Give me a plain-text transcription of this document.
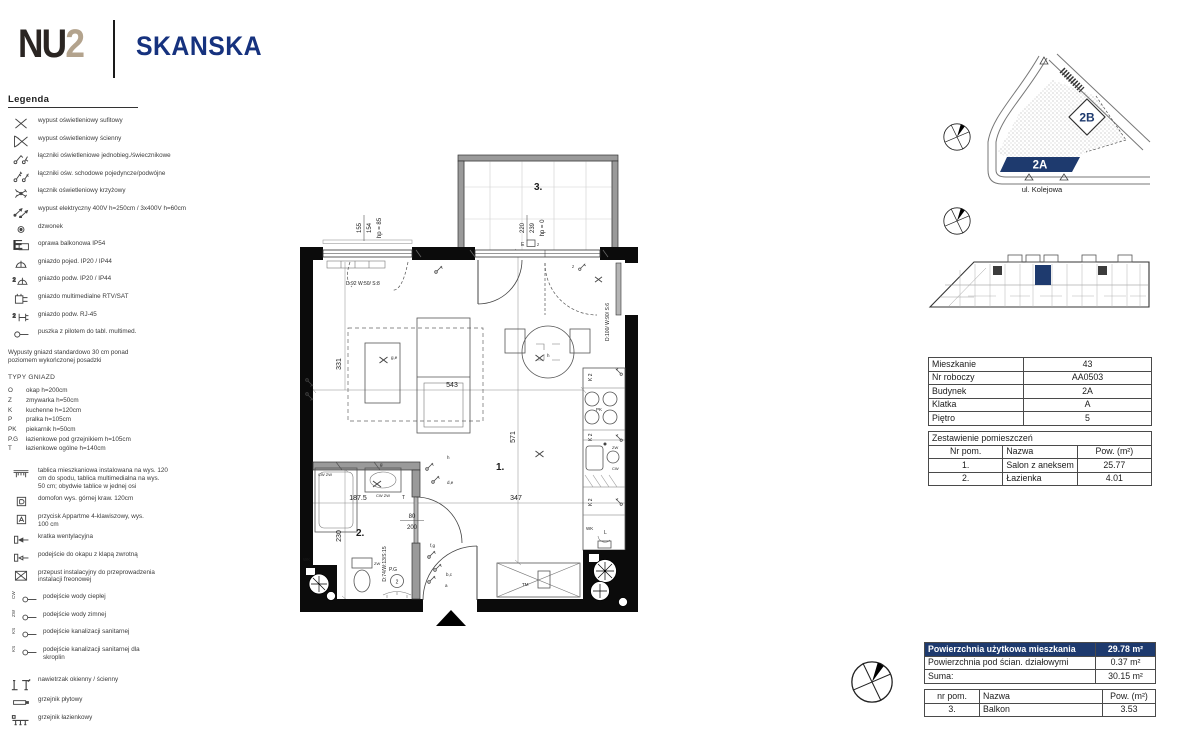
NU2 SKANSKA
Legenda
wypust oświetleniowy sufitowy
wypust oświetleniowy ścienny
łączniki oświetleniowe jednobieg./świecznikowe
łączniki ośw. schodowe pojedyncze/podwójne
łącznik oświetleniowy krzyżowy
wypust elektryczny 400V h=250cm / 3x400V h=60cm
dzwonek
oprawa balkonowa IP54
gniazdo pojed. IP20 / IP44
gniazdo podw. IP20 / IP44
gniazdo multimedialne RTV/SAT
gniazdo podw. RJ-45
puszka z pilotem do tabl. multimed.
Wypusty gniazd standardowo 30 cm ponad poziomem wykończonej posadzki
TYPY GNIAZD
O	okap h=200cm
Z	zmywarka h=50cm
K	kuchenne h=120cm
P	pralka h=105cm
PK	piekarnik h=50cm
P.G	łazienkowe pod grzejnikiem h=105cm
T	łazienkowe ogólne h=140cm
tablica mieszkaniowa instalowana na wys. 120 cm do spodu, tablica multimedialna na wys. 50 cm; obydwie tablice w jednej osi
domofon wys. górnej kraw. 120cm
przycisk Appartme 4-klawiszowy, wys. 100 cm
kratka wentylacyjna
podejście do okapu z klapą zwrotną
przepust instalacyjny do przeprowadzenia instalacji freonowej
CW	podejście wody ciepłej
ZW	podejście wody zimnej
KS	podejście kanalizacji sanitarnej
KS	podejście kanalizacji sanitarnej dla skroplin
nawietrzak okienny / ścienny
grzejnik płytowy
grzejnik łazienkowy
3.
155 154 hp = 85	220 239 hp = 0
E	z
D:100/ W:90/ S:6
z
D:92 W:50/ S:8
g,e	h
h
d,e
f,g
b,c
a
CW ZW
CW ZW
g
T
ZW
P.G
2
WK	D:74/W:13/S:15
PK
ZW
CW
K 2
K 2
K 2
WK
L
TM
543
571
331
347
187.5
230
80
200
1.
2.
2B
2A
ul. Kolejowa
Mieszkanie	43
Nr roboczy	AA0503
Budynek	2A
Klatka	A
Piętro	5
Zestawienie pomieszczeń		
Nr pom.	Nazwa	Pow. (m²)
1.	Salon z aneksem	25.77
2.	Łazienka	4.01
Powierzchnia użytkowa mieszkania	29.78 m²
Powierzchnia pod ścian. działowymi	0.37 m²
Suma:	30.15 m²
nr pom.	Nazwa	Pow. (m²)
3.	Balkon	3.53
